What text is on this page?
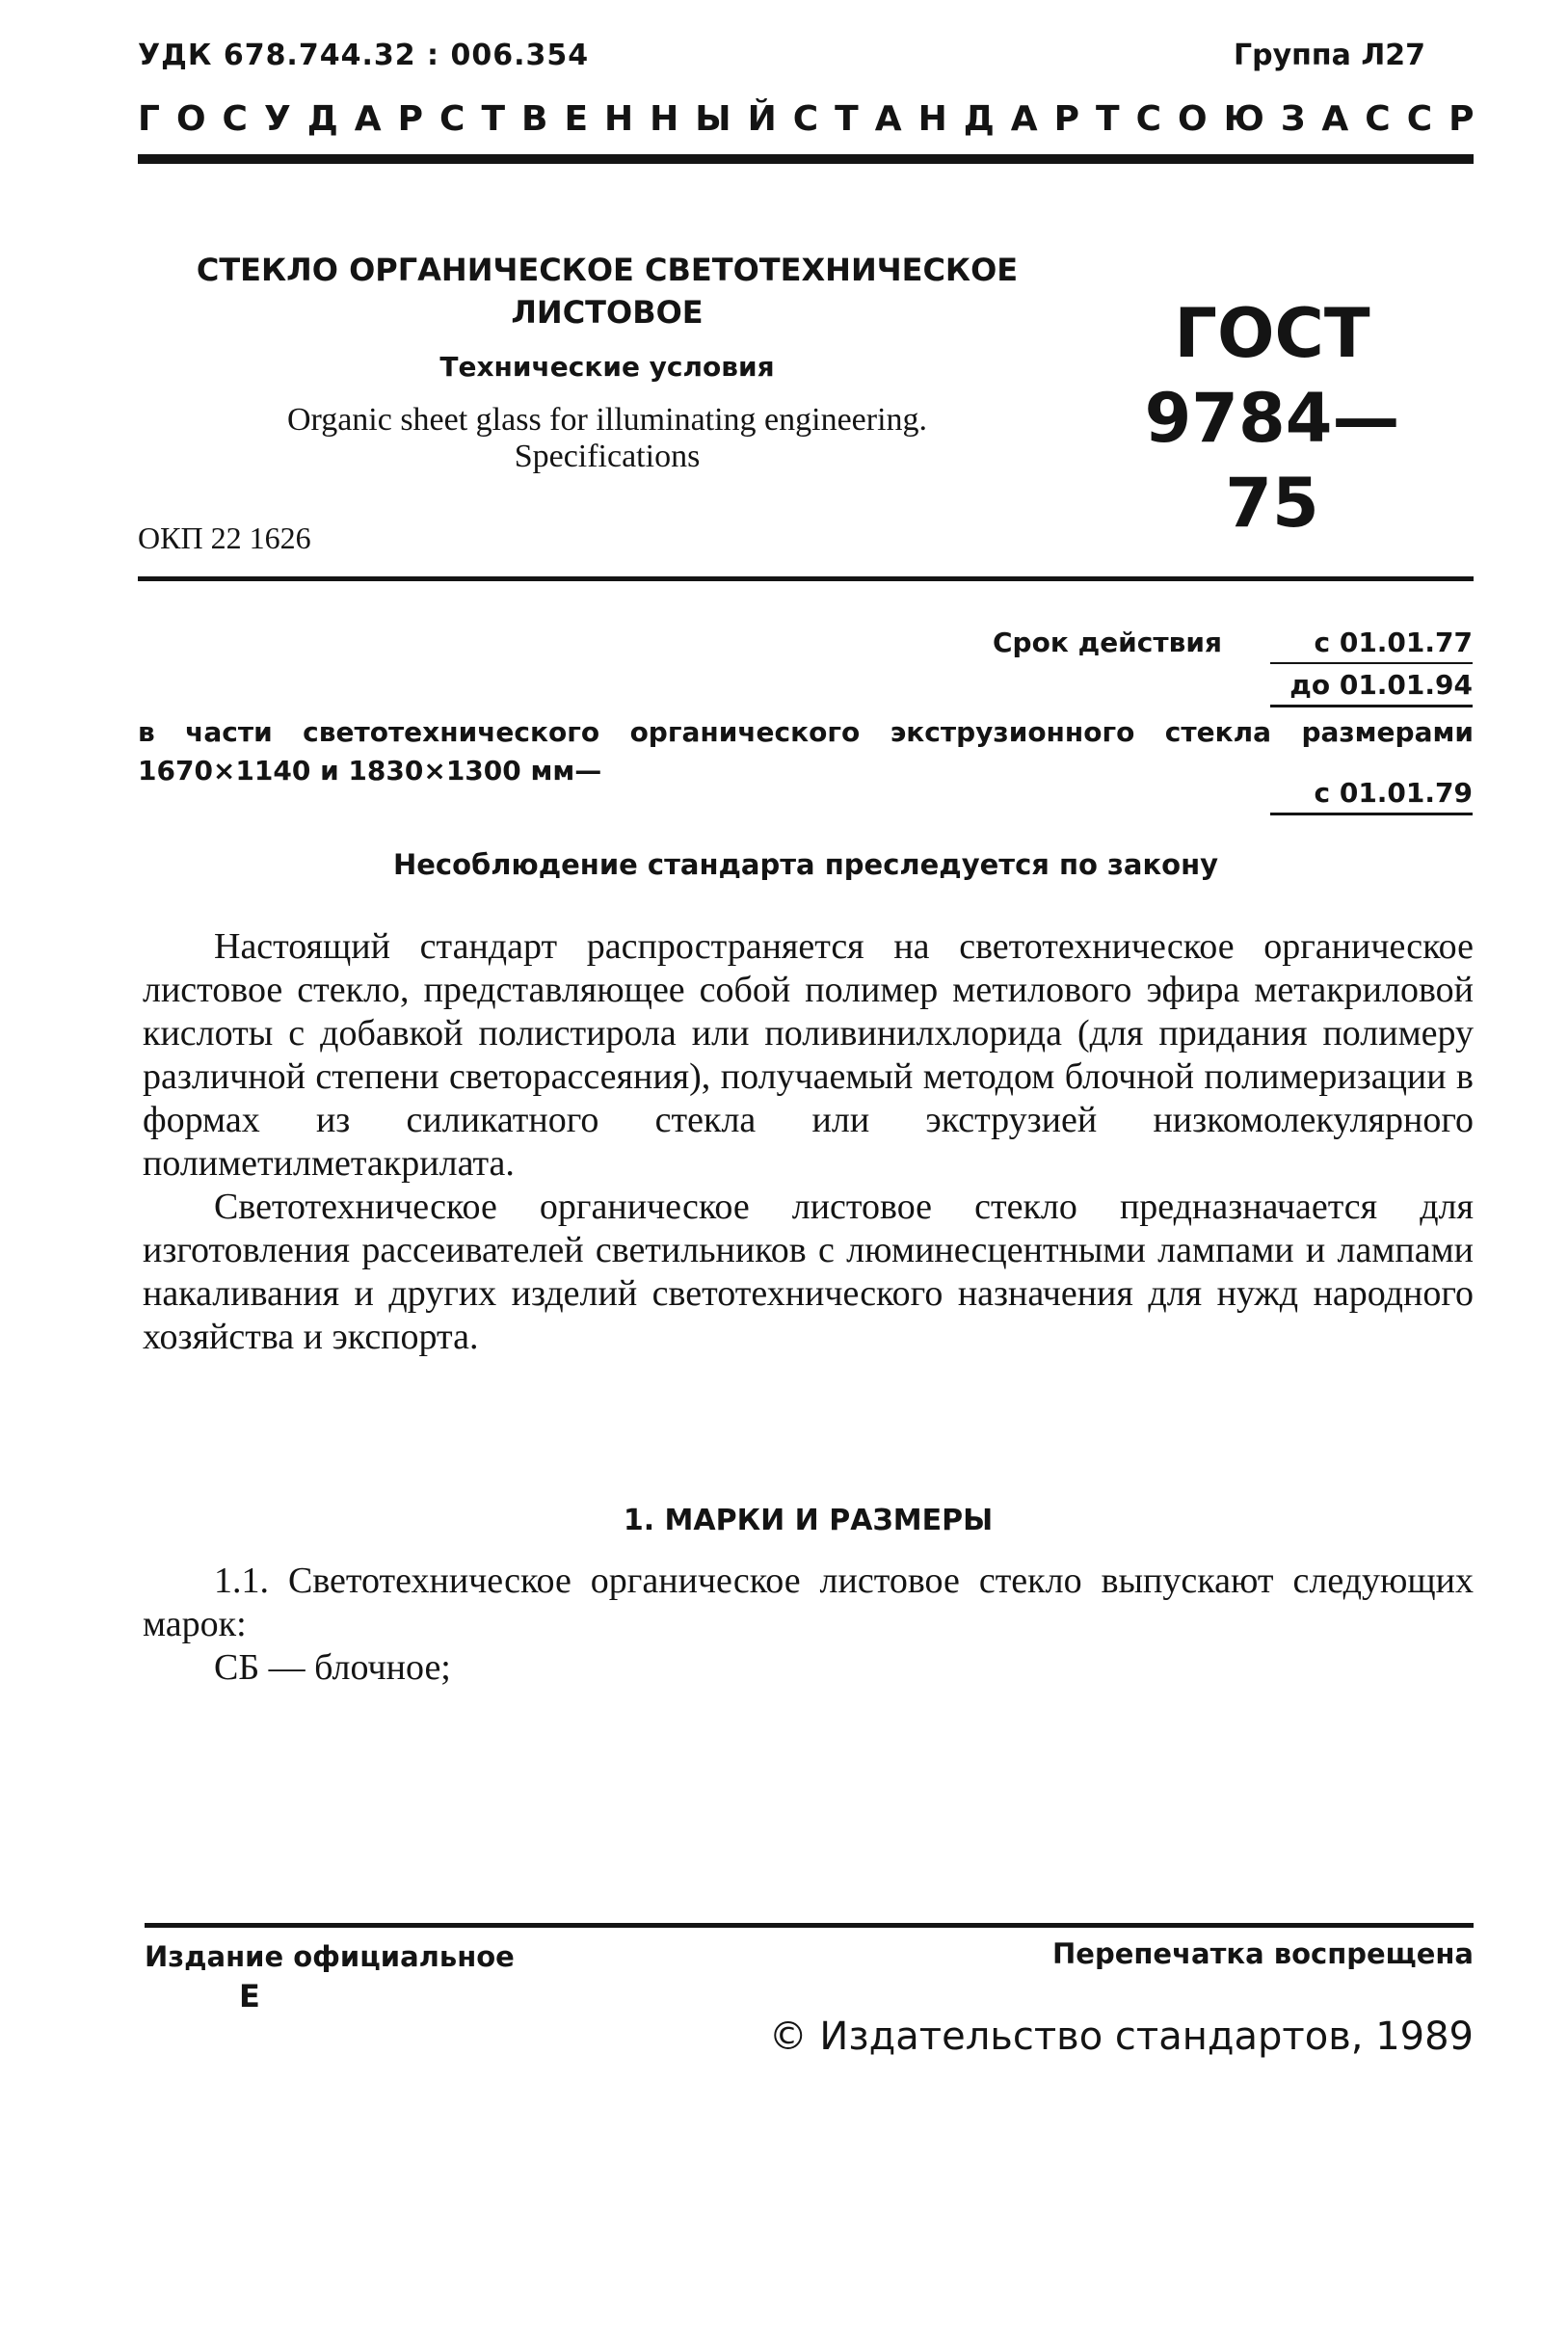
УДК 678.744.32 : 006.354	Группа Л27
ГОСУДАРСТВЕННЫЙ СТАНДАРТ СОЮЗА ССР
СТЕКЛО ОРГАНИЧЕСКОЕ СВЕТОТЕХНИЧЕСКОЕ
ЛИСТОВОЕ
Технические условия
Organic sheet glass for illuminating engineering.
Specifications
ГОСТ
9784—75
ОКП 22 1626
Срок действия	с 01.01.77
до 01.01.94
в части светотехнического органического экструзионного стекла размерами 1670×1140 и 1830×1300 мм—
с 01.01.79
Несоблюдение стандарта преследуется по закону

Настоящий стандарт распространяется на светотехническое органическое листовое стекло, представляющее собой полимер метилового эфира метакриловой кислоты с добавкой полистирола или поливинилхлорида (для придания полимеру различной степени светорассеяния), получаемый методом блочной полимеризации в формах из силикатного стекла или экструзией низкомолекулярного полиметилметакрилата.

Светотехническое органическое листовое стекло предназначается для изготовления рассеивателей светильников с люминесцентными лампами и лампами накаливания и других изделий светотехнического назначения для нужд народного хозяйства и экспорта.

1. МАРКИ И РАЗМЕРЫ

1.1. Светотехническое органическое листовое стекло выпускают следующих марок:

СБ — блочное;

Издание официальное
Е
Перепечатка воспрещена
© Издательство стандартов, 1989
